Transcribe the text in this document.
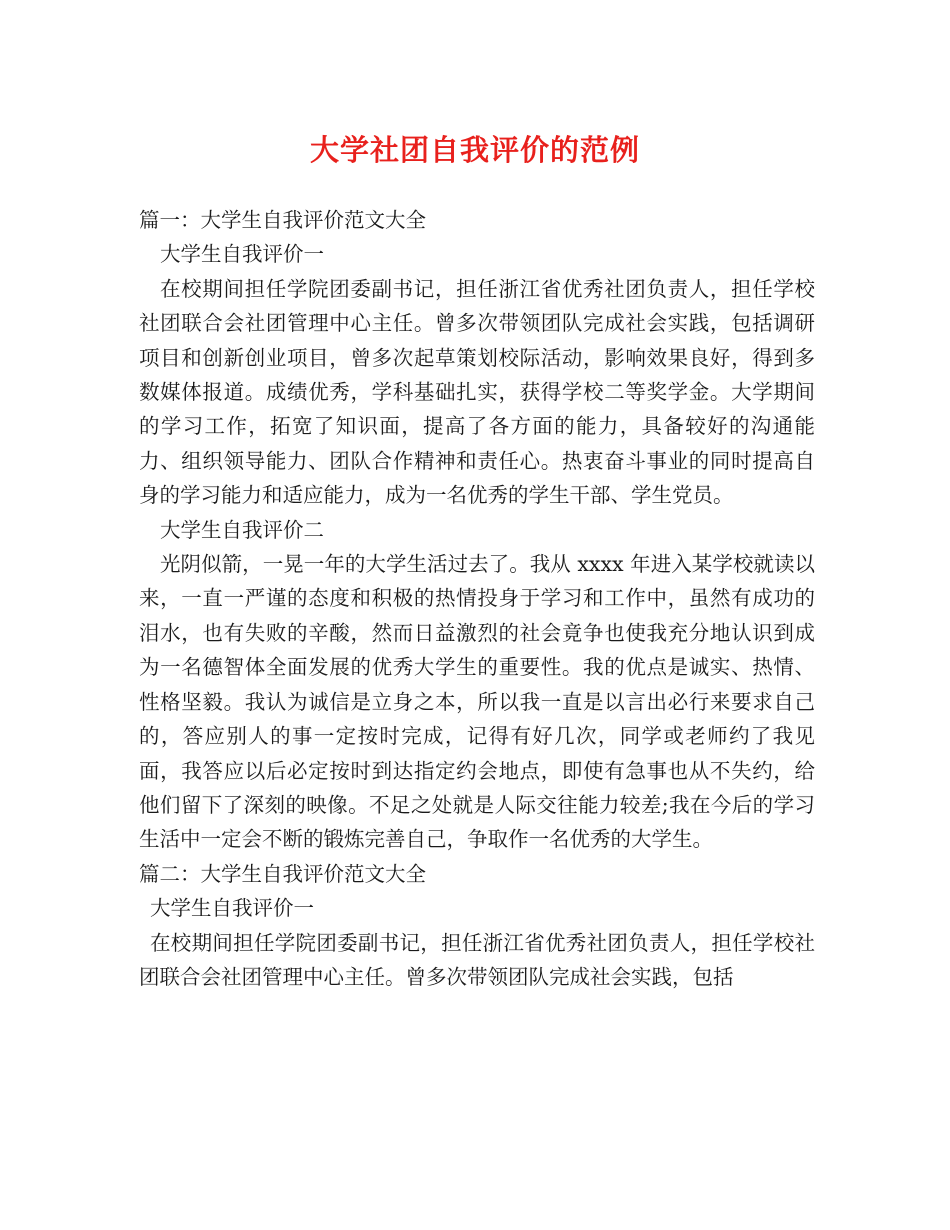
大学社团自我评价的范例

篇一：大学生自我评价范文大全

大学生自我评价一

在校期间担任学院团委副书记，担任浙江省优秀社团负责人，担任学校社团联合会社团管理中心主任。曾多次带领团队完成社会实践，包括调研项目和创新创业项目，曾多次起草策划校际活动，影响效果良好，得到多数媒体报道。成绩优秀，学科基础扎实，获得学校二等奖学金。大学期间的学习工作，拓宽了知识面，提高了各方面的能力，具备较好的沟通能力、组织领导能力、团队合作精神和责任心。热衷奋斗事业的同时提高自身的学习能力和适应能力，成为一名优秀的学生干部、学生党员。

大学生自我评价二

光阴似箭，一晃一年的大学生活过去了。我从 xxxx 年进入某学校就读以来，一直一严谨的态度和积极的热情投身于学习和工作中，虽然有成功的泪水，也有失败的辛酸，然而日益激烈的社会竟争也使我充分地认识到成为一名德智体全面发展的优秀大学生的重要性。我的优点是诚实、热情、性格坚毅。我认为诚信是立身之本，所以我一直是以言出必行来要求自己的，答应别人的事一定按时完成，记得有好几次，同学或老师约了我见面，我答应以后必定按时到达指定约会地点，即使有急事也从不失约，给他们留下了深刻的映像。不足之处就是人际交往能力较差;我在今后的学习生活中一定会不断的锻炼完善自己，争取作一名优秀的大学生。

篇二：大学生自我评价范文大全

大学生自我评价一

在校期间担任学院团委副书记，担任浙江省优秀社团负责人，担任学校社团联合会社团管理中心主任。曾多次带领团队完成社会实践，包括
